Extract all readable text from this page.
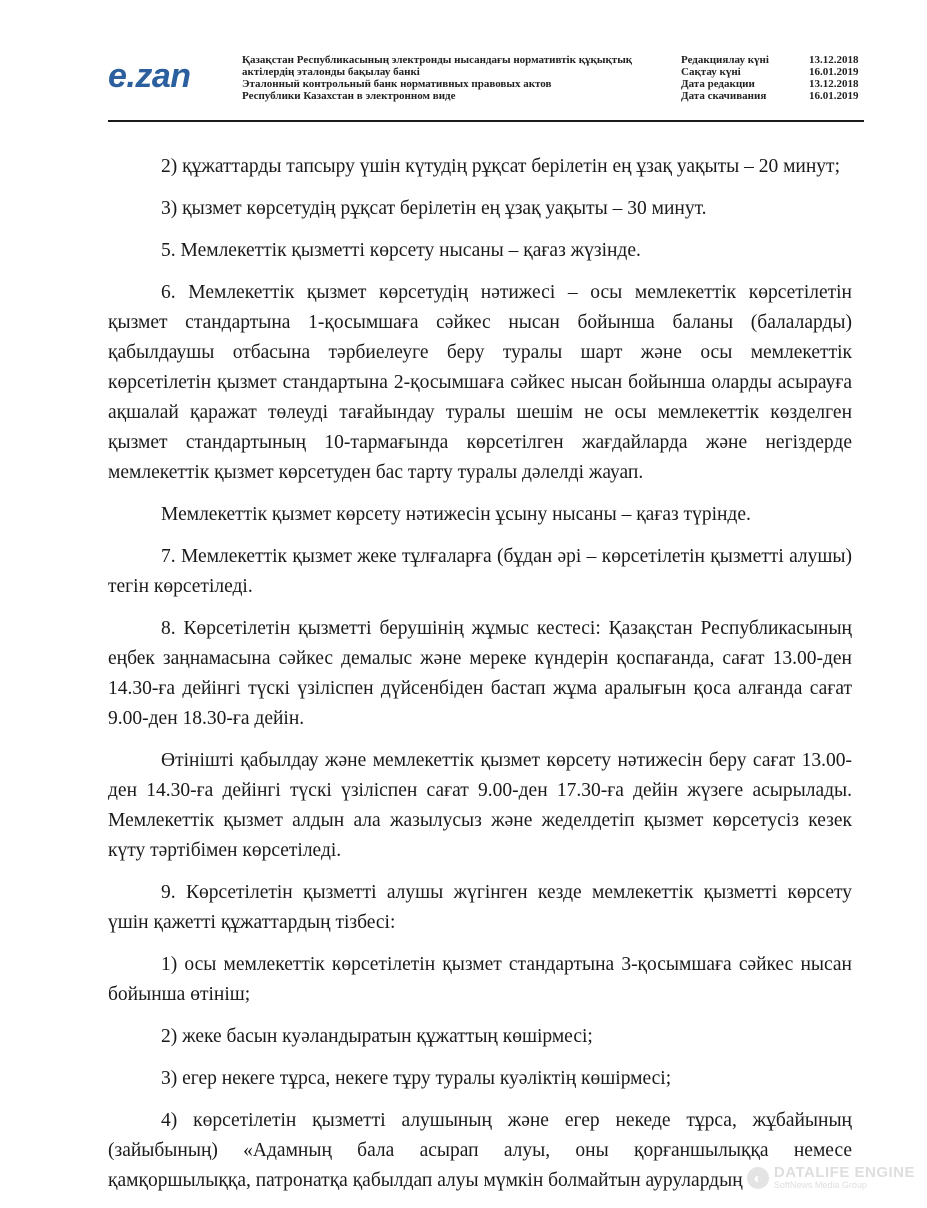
e.zan	Қазақстан Республикасының электронды нысандағы нормативтік құқықтық
актілердің эталонды бақылау банкі
Эталонный контрольный банк нормативных правовых актов
Республики Казахстан в электронном виде
Редакциялау күні	13.12.2018
Сақтау күні	16.01.2019
Дата редакции	13.12.2018
Дата скачивания	16.01.2019

2) құжаттарды тапсыру үшін күтудің рұқсат берілетін ең ұзақ уақыты – 20 минут;

3) қызмет көрсетудің рұқсат берілетін ең ұзақ уақыты – 30 минут.

5. Мемлекеттік қызметті көрсету нысаны – қағаз жүзінде.

6. Мемлекеттік қызмет көрсетудің нәтижесі – осы мемлекеттік көрсетілетін қызмет стандартына 1-қосымшаға сәйкес нысан бойынша баланы (балаларды) қабылдаушы отбасына тәрбиелеуге беру туралы шарт және осы мемлекеттік көрсетілетін қызмет стандартына 2-қосымшаға сәйкес нысан бойынша оларды асырауға ақшалай қаражат төлеуді тағайындау туралы шешім не осы мемлекеттік көзделген қызмет стандартының 10-тармағында көрсетілген жағдайларда және негіздерде мемлекеттік қызмет көрсетуден бас тарту туралы дәлелді жауап.

Мемлекеттік қызмет көрсету нәтижесін ұсыну нысаны – қағаз түрінде.

7. Мемлекеттік қызмет жеке тұлғаларға (бұдан әрі – көрсетілетін қызметті алушы) тегін көрсетіледі.

8. Көрсетілетін қызметті берушінің жұмыс кестесі: Қазақстан Республикасының еңбек заңнамасына сәйкес демалыс және мереке күндерін қоспағанда, сағат 13.00-ден 14.30-ға дейінгі түскі үзіліспен дүйсенбіден бастап жұма аралығын қоса алғанда сағат 9.00-ден 18.30-ға дейін.

Өтінішті қабылдау және мемлекеттік қызмет көрсету нәтижесін беру сағат 13.00-ден 14.30-ға дейінгі түскі үзіліспен сағат 9.00-ден 17.30-ға дейін жүзеге асырылады. Мемлекеттік қызмет алдын ала жазылусыз және жеделдетіп қызмет көрсетусіз кезек күту тәртібімен көрсетіледі.

9. Көрсетілетін қызметті алушы жүгінген кезде мемлекеттік қызметті көрсету үшін қажетті құжаттардың тізбесі:

1) осы мемлекеттік көрсетілетін қызмет стандартына 3-қосымшаға сәйкес нысан бойынша өтініш;

2) жеке басын куәландыратын құжаттың көшірмесі;

3) егер некеге тұрса, некеге тұру туралы куәліктің көшірмесі;

4) көрсетілетін қызметті алушының және егер некеде тұрса, жұбайының (зайыбының) «Адамның бала асырап алуы, оны қорғаншылыққа немесе қамқоршылыққа, патронатқа қабылдап алуы мүмкін болмайтын аурулардың ◐ DATALIFE ENGINE
SoftNews Media Group
